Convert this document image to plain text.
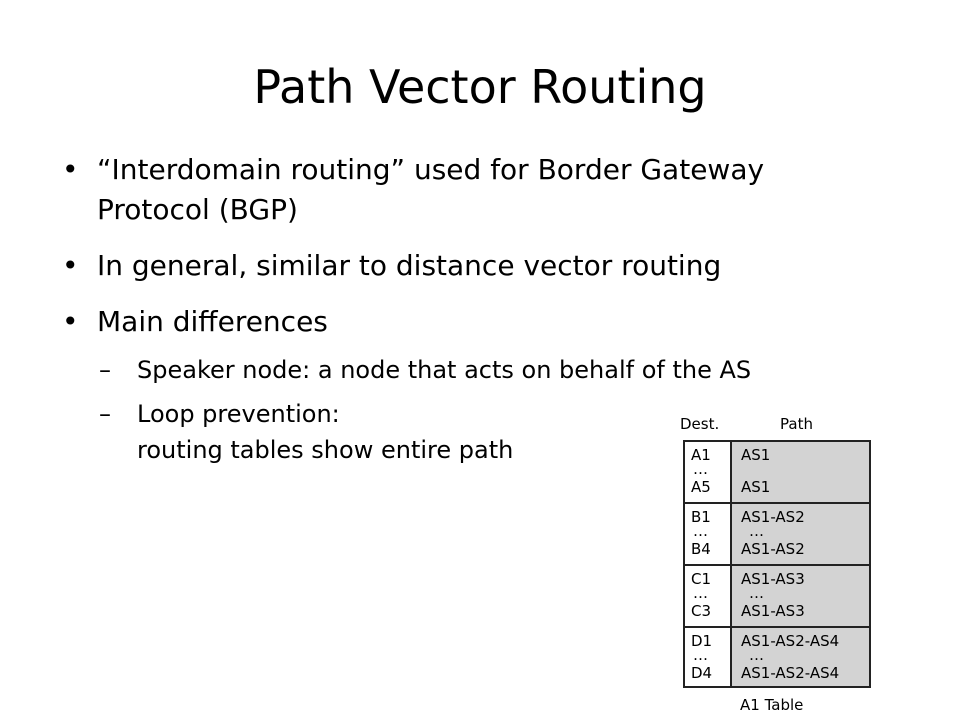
Path Vector Routing
• “Interdomain routing” used for Border Gateway
Protocol (BGP)
• In general, similar to distance vector routing
• Main differences
– Speaker node: a node that acts on behalf of the AS
– Loop prevention:
routing tables show entire path
Dest.	Path
A1
…
A5
AS1
AS1
B1
…
B4
AS1-AS2
…
AS1-AS2
C1
…
C3
AS1-AS3
…
AS1-AS3
D1
…
D4
AS1-AS2-AS4
…
AS1-AS2-AS4
A1 Table
